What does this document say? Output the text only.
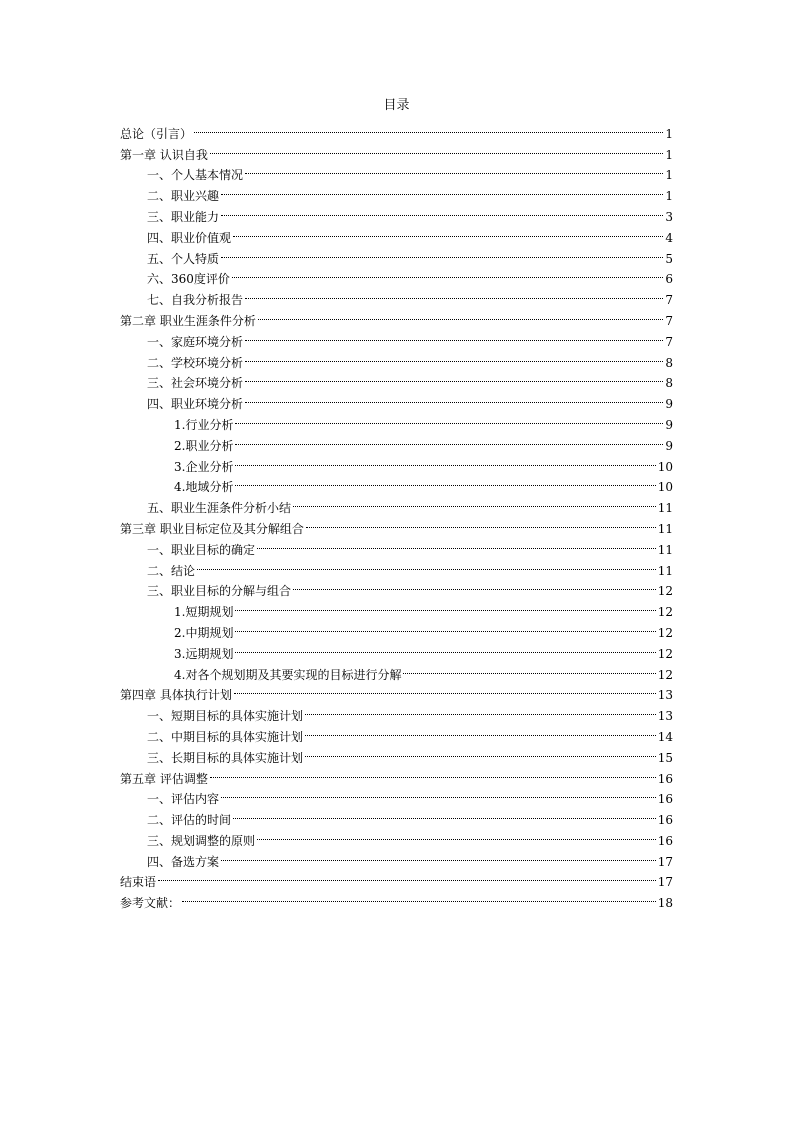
目录
总论（引言）	1
第一章 认识自我	1
一、个人基本情况	1
二、职业兴趣	1
三、职业能力	3
四、职业价值观	4
五、个人特质	5
六、360度评价	6
七、自我分析报告	7
第二章 职业生涯条件分析	7
一、家庭环境分析	7
二、学校环境分析	8
三、社会环境分析	8
四、职业环境分析	9
1.行业分析	9
2.职业分析	9
3.企业分析	10
4.地域分析	10
五、职业生涯条件分析小结	11
第三章 职业目标定位及其分解组合	11
一、职业目标的确定	11
二、结论	11
三、职业目标的分解与组合	12
1.短期规划	12
2.中期规划	12
3.远期规划	12
4.对各个规划期及其要实现的目标进行分解	12
第四章 具体执行计划	13
一、短期目标的具体实施计划	13
二、中期目标的具体实施计划	14
三、长期目标的具体实施计划	15
第五章 评估调整	16
一、评估内容	16
二、评估的时间	16
三、规划调整的原则	16
四、备选方案	17
结束语	17
参考文献：	18
